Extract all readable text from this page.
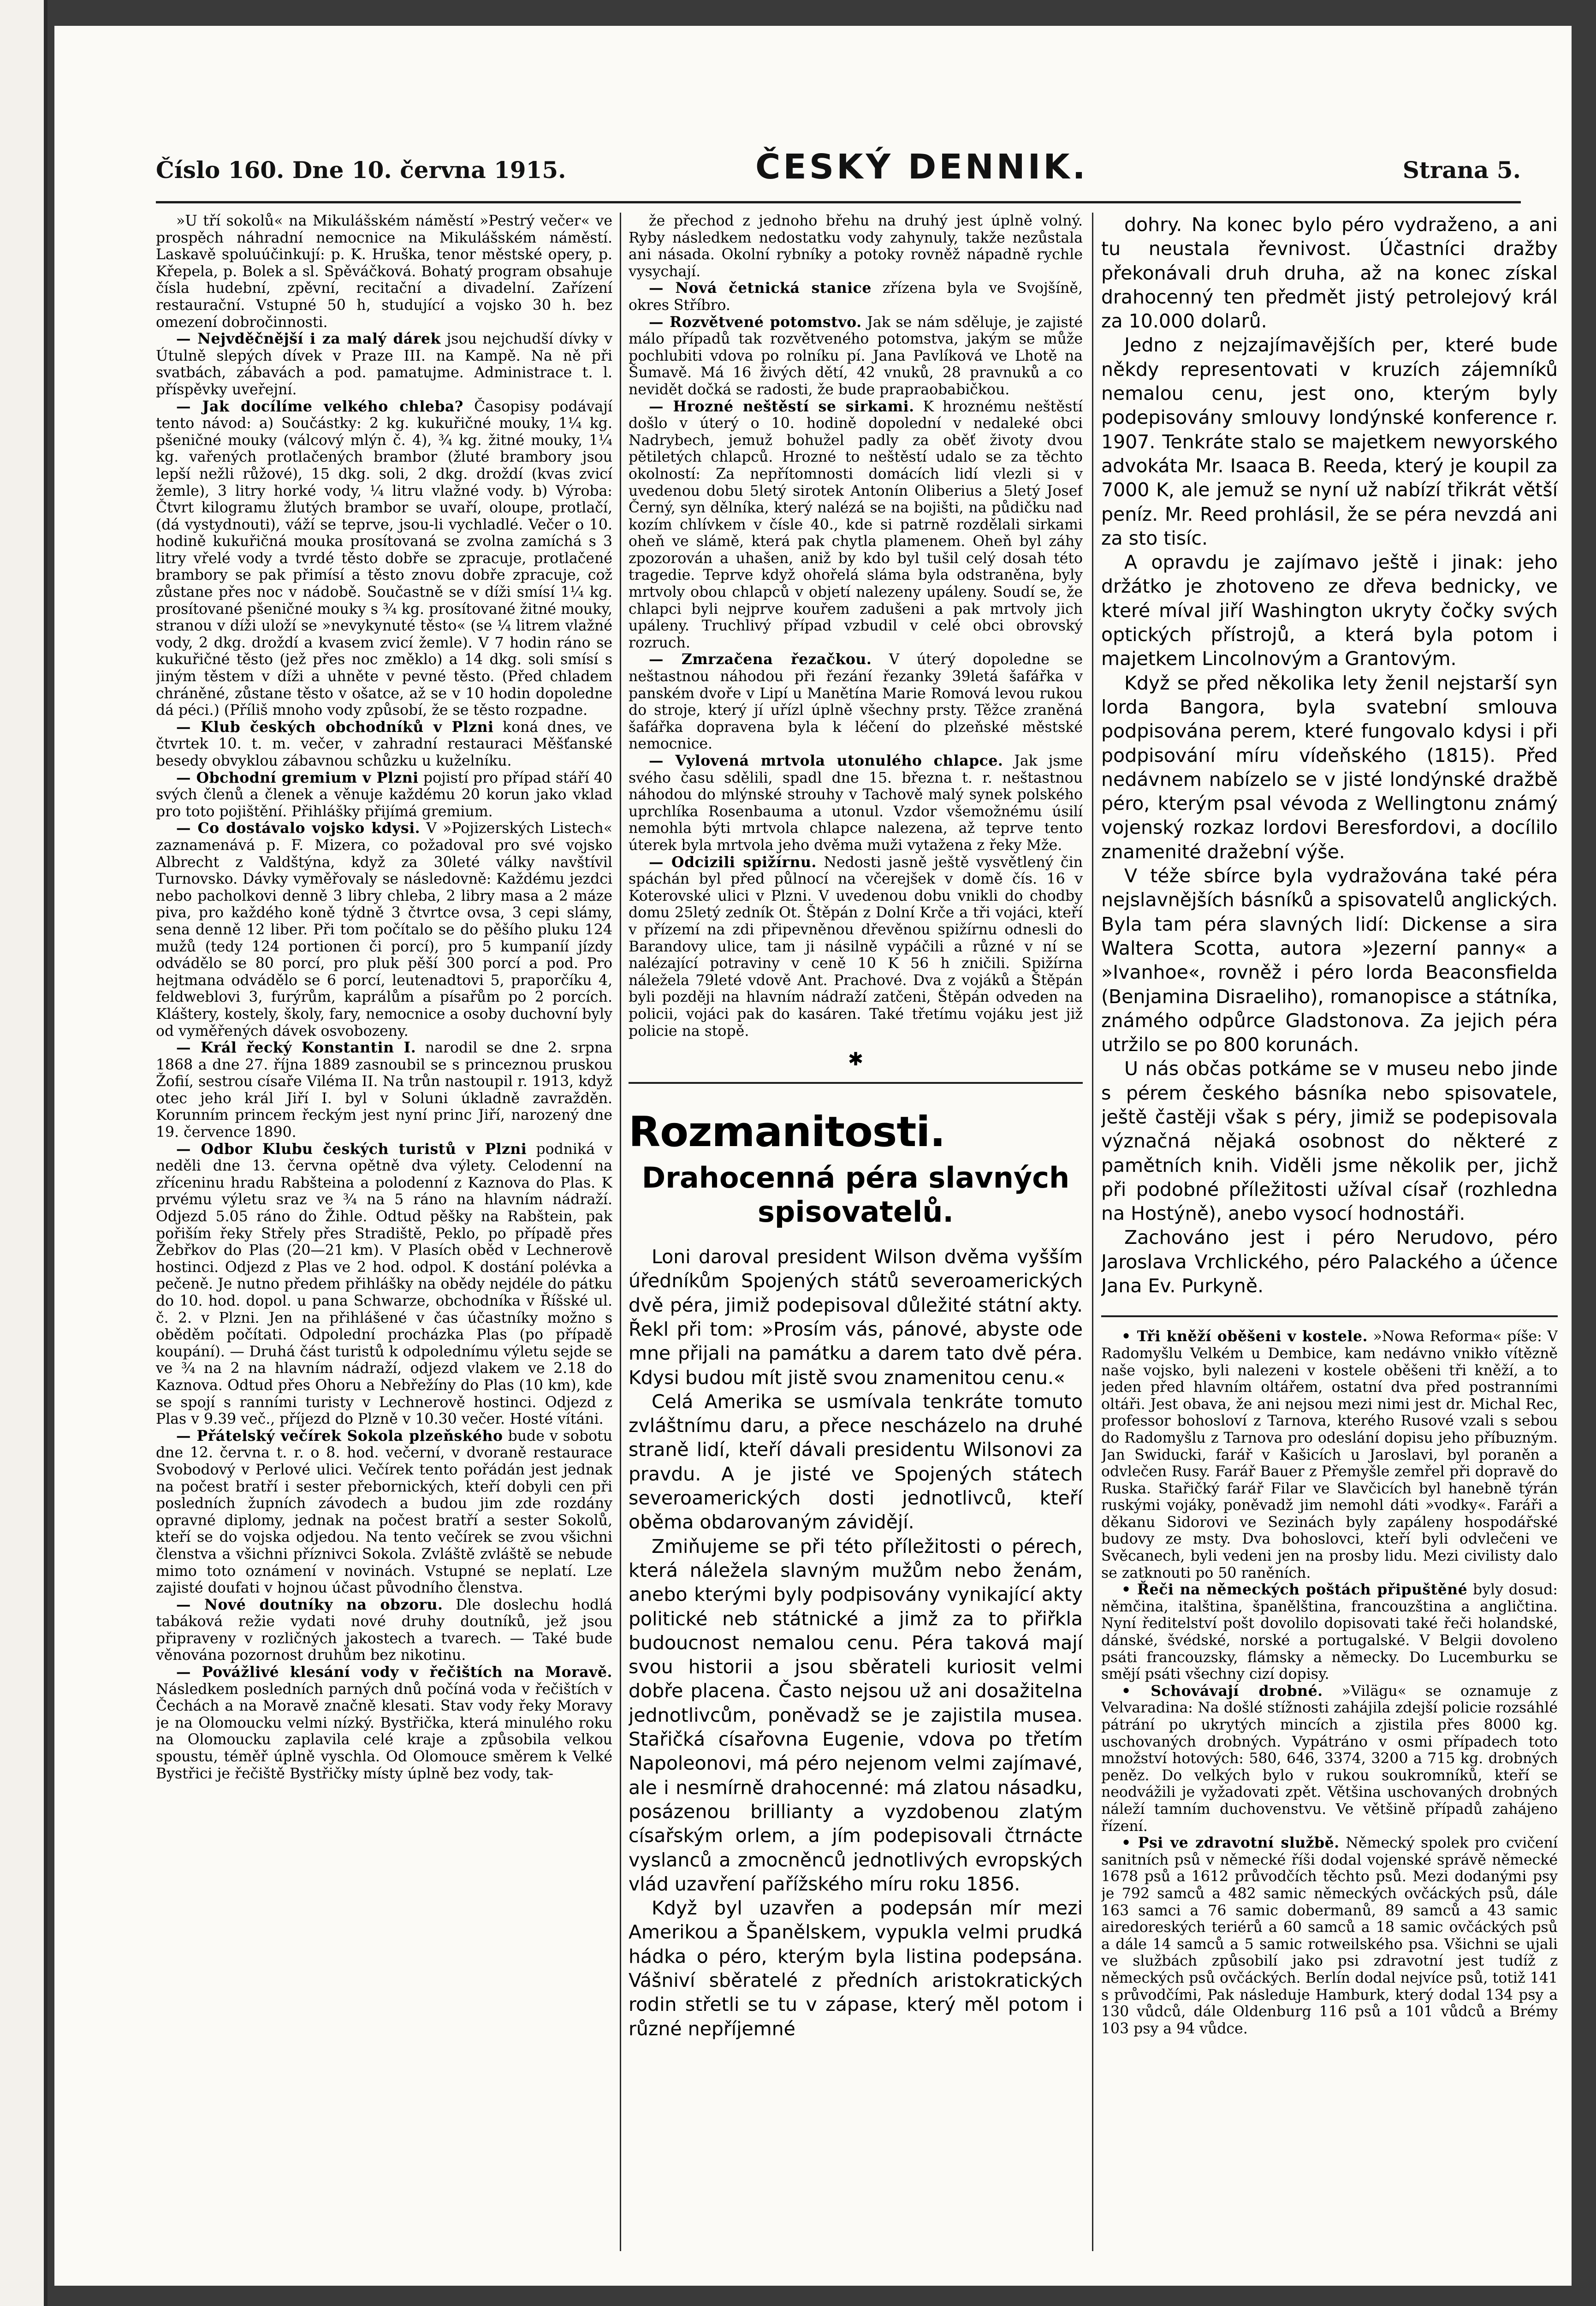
Číslo 160. Dne 10. června 1915.	ČESKÝ DENNIK.	Strana 5.

»U tří sokolů« na Mikulášském náměstí »Pestrý večer« ve prospěch náhradní nemocnice na Mikulášském náměstí. Laskavě spoluúčinkují: p. K. Hruška, tenor městské opery, p. Křepela, p. Bolek a sl. Spěváčková. Bohatý program obsahuje čísla hudební, zpěvní, recitační a divadelní. Zařízení restaurační. Vstupné 50 h, studující a vojsko 30 h. bez omezení dobročinnosti.

— Nejvděčnější i za malý dárek jsou nejchudší dívky v Útulně slepých dívek v Praze III. na Kampě. Na ně při svatbách, zábavách a pod. pamatujme. Administrace t. l. příspěvky uveřejní.

— Jak docílíme velkého chleba? Časopisy podávají tento návod: a) Součástky: 2 kg. kukuřičné mouky, 1¼ kg. pšeničné mouky (válcový mlýn č. 4), ¾ kg. žitné mouky, 1¼ kg. vařených protlačených brambor (žluté brambory jsou lepší nežli růžové), 15 dkg. soli, 2 dkg. droždí (kvas zvicí žemle), 3 litry horké vody, ¼ litru vlažné vody. b) Výroba: Čtvrt kilogramu žlutých brambor se uvaří, oloupe, protlačí, (dá vystydnouti), váží se teprve, jsou-li vychladlé. Večer o 10. hodině kukuřičná mouka prosítovaná se zvolna zamíchá s 3 litry vřelé vody a tvrdé těsto dobře se zpracuje, protlačené brambory se pak přimísí a těsto znovu dobře zpracuje, což zůstane přes noc v nádobě. Součastně se v díži smísí 1¼ kg. prosítované pšeničné mouky s ¾ kg. prosítované žitné mouky, stranou v díži uloží se »nevykynuté těsto« (se ¼ litrem vlažné vody, 2 dkg. droždí a kvasem zvicí žemle). V 7 hodin ráno se kukuřičné těsto (jež přes noc změklo) a 14 dkg. soli smísí s jiným těstem v díži a uhněte v pevné těsto. (Před chladem chráněné, zůstane těsto v ošatce, až se v 10 hodin dopoledne dá péci.) (Příliš mnoho vody způsobí, že se těsto rozpadne.

— Klub českých obchodníků v Plzni koná dnes, ve čtvrtek 10. t. m. večer, v zahradní restauraci Měšťanské besedy obvyklou zábavnou schůzku u kuželníku.

— Obchodní gremium v Plzni pojistí pro případ stáří 40 svých členů a členek a věnuje každému 20 korun jako vklad pro toto pojištění. Přihlášky přijímá gremium.

— Co dostávalo vojsko kdysi. V »Pojizerských Listech« zaznamenává p. F. Mizera, co požadoval pro své vojsko Albrecht z Valdštýna, když za 30leté války navštívil Turnovsko. Dávky vyměřovaly se následovně: Každému jezdci nebo pacholkovi denně 3 libry chleba, 2 libry masa a 2 máze piva, pro každého koně týdně 3 čtvrtce ovsa, 3 cepi slámy, sena denně 12 liber. Při tom počítalo se do pěšího pluku 124 mužů (tedy 124 portionen či porcí), pro 5 kumpaníí jízdy odvádělo se 80 porcí, pro pluk pěší 300 porcí a pod. Pro hejtmana odvádělo se 6 porcí, leutenadtovi 5, praporčíku 4, feldweblovi 3, furýrům, kaprálům a písařům po 2 porcích. Kláštery, kostely, školy, fary, nemocnice a osoby duchovní byly od vyměřených dávek osvobozeny.

— Král řecký Konstantin I. narodil se dne 2. srpna 1868 a dne 27. října 1889 zasnoubil se s princeznou pruskou Žofií, sestrou císaře Viléma II. Na trůn nastoupil r. 1913, když otec jeho král Jiří I. byl v Soluni úkladně zavražděn. Korunním princem řeckým jest nyní princ Jiří, narozený dne 19. července 1890.

— Odbor Klubu českých turistů v Plzni podniká v neděli dne 13. června opětně dva výlety. Celodenní na zříceninu hradu Rabšteina a polodenní z Kaznova do Plas. K prvému výletu sraz ve ¾ na 5 ráno na hlavním nádraží. Odjezd 5.05 ráno do Žihle. Odtud pěšky na Rabštein, pak pořiším řeky Střely přes Stradiště, Peklo, po případě přes Žebřkov do Plas (20—21 km). V Plasích oběd v Lechnerově hostinci. Odjezd z Plas ve 2 hod. odpol. K dostání polévka a pečeně. Je nutno předem přihlášky na obědy nejdéle do pátku do 10. hod. dopol. u pana Schwarze, obchodníka v Říšské ul. č. 2. v Plzni. Jen na přihlášené v čas účastníky možno s oběděm počítati. Odpolední procházka Plas (po případě koupání). — Druhá část turistů k odpolednímu výletu sejde se ve ¾ na 2 na hlavním nádraží, odjezd vlakem ve 2.18 do Kaznova. Odtud přes Ohoru a Nebřežíny do Plas (10 km), kde se spojí s ranními turisty v Lechnerově hostinci. Odjezd z Plas v 9.39 več., příjezd do Plzně v 10.30 večer. Hosté vítáni.

— Přátelský večírek Sokola plzeňského bude v sobotu dne 12. června t. r. o 8. hod. večerní, v dvoraně restaurace Svobodový v Perlové ulici. Večírek tento pořádán jest jednak na počest bratří i sester přebornických, kteří dobyli cen při posledních župních závodech a budou jim zde rozdány opravné diplomy, jednak na počest bratří a sester Sokolů, kteří se do vojska odjedou. Na tento večírek se zvou všichni členstva a všichni příznivci Sokola. Zvláště zvláště se nebude mimo toto oznámení v novinách. Vstupné se neplatí. Lze zajisté doufati v hojnou účast původního členstva.

— Nové doutníky na obzoru. Dle doslechu hodlá tabáková režie vydati nové druhy doutníků, jež jsou připraveny v rozličných jakostech a tvarech. — Také bude věnována pozornost druhům bez nikotinu.

— Povážlivé klesání vody v řečištích na Moravě. Následkem posledních parných dnů počíná voda v řečištích v Čechách a na Moravě značně klesati. Stav vody řeky Moravy je na Olomoucku velmi nízký. Bystřička, která minulého roku na Olomoucku zaplavila celé kraje a způsobila velkou spoustu, téměř úplně vyschla. Od Olomouce směrem k Velké Bystřici je řečiště Bystřičky místy úplně bez vody, tak-

že přechod z jednoho břehu na druhý jest úplně volný. Ryby následkem nedostatku vody zahynuly, takže nezůstala ani násada. Okolní rybníky a potoky rovněž nápadně rychle vysychají.

— Nová četnická stanice zřízena byla ve Svojšíně, okres Stříbro.

— Rozvětvené potomstvo. Jak se nám sděluje, je zajisté málo případů tak rozvětveného potomstva, jakým se může pochlubiti vdova po rolníku pí. Jana Pavlíková ve Lhotě na Šumavě. Má 16 živých dětí, 42 vnuků, 28 pravnuků a co nevidět dočká se radosti, že bude prapraobabičkou.

— Hrozné neštěstí se sirkami. K hroznému neštěstí došlo v úterý o 10. hodině dopolední v nedaleké obci Nadrybech, jemuž bohužel padly za oběť životy dvou pětiletých chlapců. Hrozné to neštěstí udalo se za těchto okolností: Za nepřítomnosti domácích lidí vlezli si v uvedenou dobu 5letý sirotek Antonín Oliberius a 5letý Josef Černý, syn dělníka, který nalézá se na bojišti, na půdičku nad kozím chlívkem v čísle 40., kde si patrně rozdělali sirkami oheň ve slámě, která pak chytla plamenem. Oheň byl záhy zpozorován a uhašen, aniž by kdo byl tušil celý dosah této tragedie. Teprve když ohořelá sláma byla odstraněna, byly mrtvoly obou chlapců v objetí nalezeny upáleny. Soudí se, že chlapci byli nejprve kouřem zadušeni a pak mrtvoly jich upáleny. Truchlivý případ vzbudil v celé obci obrovský rozruch.

— Zmrzačena řezačkou. V úterý dopoledne se neštastnou náhodou při řezání řezanky 39letá šafářka v panském dvoře v Lipí u Manětína Marie Romová levou rukou do stroje, který jí uřízl úplně všechny prsty. Těžce zraněná šafářka dopravena byla k léčení do plzeňské městské nemocnice.

— Vylovená mrtvola utonulého chlapce. Jak jsme svého času sdělili, spadl dne 15. března t. r. neštastnou náhodou do mlýnské strouhy v Tachově malý synek polského uprchlíka Rosenbauma a utonul. Vzdor všemožnému úsilí nemohla býti mrtvola chlapce nalezena, až teprve tento úterek byla mrtvola jeho dvěma muži vytažena z řeky Mže.

— Odcizili spižírnu. Nedosti jasně ještě vysvětlený čin spáchán byl před půlnocí na včerejšek v domě čís. 16 v Koterovské ulici v Plzni. V uvedenou dobu vnikli do chodby domu 25letý zedník Ot. Štěpán z Dolní Krče a tři vojáci, kteří v přízemí na zdi připevněnou dřevěnou spižírnu odnesli do Barandovy ulice, tam ji násilně vypáčili a různé v ní se nalézající potraviny v ceně 10 K 56 h zničili. Spižírna náležela 79leté vdově Ant. Prachové. Dva z vojáků a Štěpán byli později na hlavním nádraží zatčeni, Štěpán odveden na policii, vojáci pak do kasáren. Také třetímu vojáku jest již policie na stopě.

✱
Rozmanitosti.
Drahocenná péra slavných spisovatelů.

Loni daroval president Wilson dvěma vyšším úředníkům Spojených států severoamerických dvě péra, jimiž podepisoval důležité státní akty. Řekl při tom: »Prosím vás, pánové, abyste ode mne přijali na památku a darem tato dvě péra. Kdysi budou mít jistě svou znamenitou cenu.«

Celá Amerika se usmívala tenkráte tomuto zvláštnímu daru, a přece nescházelo na druhé straně lidí, kteří dávali presidentu Wilsonovi za pravdu. A je jisté ve Spojených státech severoamerických dosti jednotlivců, kteří oběma obdarovaným závidějí.

Zmiňujeme se při této příležitosti o pérech, která náležela slavným mužům nebo ženám, anebo kterými byly podpisovány vynikající akty politické neb státnické a jimž za to přiřkla budoucnost nemalou cenu. Péra taková mají svou historii a jsou sběrateli kuriosit velmi dobře placena. Často nejsou už ani dosažitelna jednotlivcům, poněvadž se je zajistila musea. Stařičká císařovna Eugenie, vdova po třetím Napoleonovi, má péro nejenom velmi zajímavé, ale i nesmírně drahocenné: má zlatou násadku, posázenou brillianty a vyzdobenou zlatým císařským orlem, a jím podepisovali čtrnácte vyslanců a zmocněnců jednotlivých evropských vlád uzavření pařížského míru roku 1856.

Když byl uzavřen a podepsán mír mezi Amerikou a Španělskem, vypukla velmi prudká hádka o péro, kterým byla listina podepsána. Vášniví sběratelé z předních aristokratických rodin střetli se tu v zápase, který měl potom i různé nepříjemné

dohry. Na konec bylo péro vydraženo, a ani tu neustala řevnivost. Účastníci dražby překonávali druh druha, až na konec získal drahocenný ten předmět jistý petrolejový král za 10.000 dolarů.

Jedno z nejzajímavějších per, které bude někdy representovati v kruzích zájemníků nemalou cenu, jest ono, kterým byly podepisovány smlouvy londýnské konference r. 1907. Tenkráte stalo se majetkem newyorského advokáta Mr. Isaaca B. Reeda, který je koupil za 7000 K, ale jemuž se nyní už nabízí třikrát větší peníz. Mr. Reed prohlásil, že se péra nevzdá ani za sto tisíc.

A opravdu je zajímavo ještě i jinak: jeho držátko je zhotoveno ze dřeva bednicky, ve které míval jiří Washington ukryty čočky svých optických přístrojů, a která byla potom i majetkem Lincolnovým a Grantovým.

Když se před několika lety ženil nejstarší syn lorda Bangora, byla svatební smlouva podpisována perem, které fungovalo kdysi i při podpisování míru vídeňského (1815). Před nedávnem nabízelo se v jisté londýnské dražbě péro, kterým psal vévoda z Wellingtonu známý vojenský rozkaz lordovi Beresfordovi, a docílilo znamenité dražební výše.

V téže sbírce byla vydražována také péra nejslavnějších básníků a spisovatelů anglických. Byla tam péra slavných lidí: Dickense a sira Waltera Scotta, autora »Jezerní panny« a »Ivanhoe«, rovněž i péro lorda Beaconsfielda (Benjamina Disraeliho), romanopisce a státníka, známého odpůrce Gladstonova. Za jejich péra utržilo se po 800 korunách.

U nás občas potkáme se v museu nebo jinde s pérem českého básníka nebo spisovatele, ještě častěji však s péry, jimiž se podepisovala význačná nějaká osobnost do některé z pamětních knih. Viděli jsme několik per, jichž při podobné příležitosti užíval císař (rozhledna na Hostýně), anebo vysocí hodnostáři.

Zachováno jest i péro Nerudovo, péro Jaroslava Vrchlického, péro Palackého a účence Jana Ev. Purkyně.

• Tři kněží oběšeni v kostele. »Nowa Reforma« píše: V Radomyšlu Velkém u Dembice, kam nedávno vnikło vítězně naše vojsko, byli nalezeni v kostele oběšeni tři kněží, a to jeden před hlavním oltářem, ostatní dva před postranními oltáři. Jest obava, že ani nejsou mezi nimi jest dr. Michal Rec, professor bohosloví z Tarnova, kterého Rusové vzali s sebou do Radomyšlu z Tarnova pro odeslání dopisu jeho příbuzným. Jan Swiducki, farář v Kašicích u Jaroslavi, byl poraněn a odvlečen Rusy. Farář Bauer z Přemyšle zemřel při dopravě do Ruska. Stařičký farář Filar ve Slavčicích byl hanebně týrán ruskými vojáky, poněvadž jim nemohl dáti »vodky«. Faráři a děkanu Sidorovi ve Sezinách byly zapáleny hospodářské budovy ze msty. Dva bohoslovci, kteří byli odvlečeni ve Svěcanech, byli vedeni jen na prosby lidu. Mezi civilisty dalo se zatknouti po 50 raněních.

• Řeči na německých poštách připuštěné byly dosud: němčina, italština, španělština, francouzština a angličtina. Nyní ředitelství pošt dovolilo dopisovati také řeči holandské, dánské, švédské, norské a portugalské. V Belgii dovoleno psáti francouzsky, flámsky a německy. Do Lucemburku se smějí psáti všechny cizí dopisy.

• Schovávají drobné. »Vilägu« se oznamuje z Velvaradina: Na došlé stížnosti zahájila zdejší policie rozsáhlé pátrání po ukrytých mincích a zjistila přes 8000 kg. uschovaných drobných. Vypátráno v osmi případech toto množství hotových: 580, 646, 3374, 3200 a 715 kg. drobných peněz. Do velkých bylo v rukou soukromníků, kteří se neodvážili je vyžadovati zpět. Většina uschovaných drobných náleží tamním duchovenstvu. Ve většině případů zahájeno řízení.

• Psi ve zdravotní službě. Německý spolek pro cvičení sanitních psů v německé říši dodal vojenské správě německé 1678 psů a 1612 průvodčích těchto psů. Mezi dodanými psy je 792 samců a 482 samic německých ovčáckých psů, dále 163 samci a 76 samic dobermanů, 89 samců a 43 samic airedoreských teriérů a 60 samců a 18 samic ovčáckých psů a dále 14 samců a 5 samic rotweilského psa. Všichni se ujali ve službách způsobilí jako psi zdravotní jest tudíž z německých psů ovčáckých. Berlín dodal nejvíce psů, totiž 141 s průvodčími, Pak následuje Hamburk, který dodal 134 psy a 130 vůdců, dále Oldenburg 116 psů a 101 vůdců a Brémy 103 psy a 94 vůdce.
